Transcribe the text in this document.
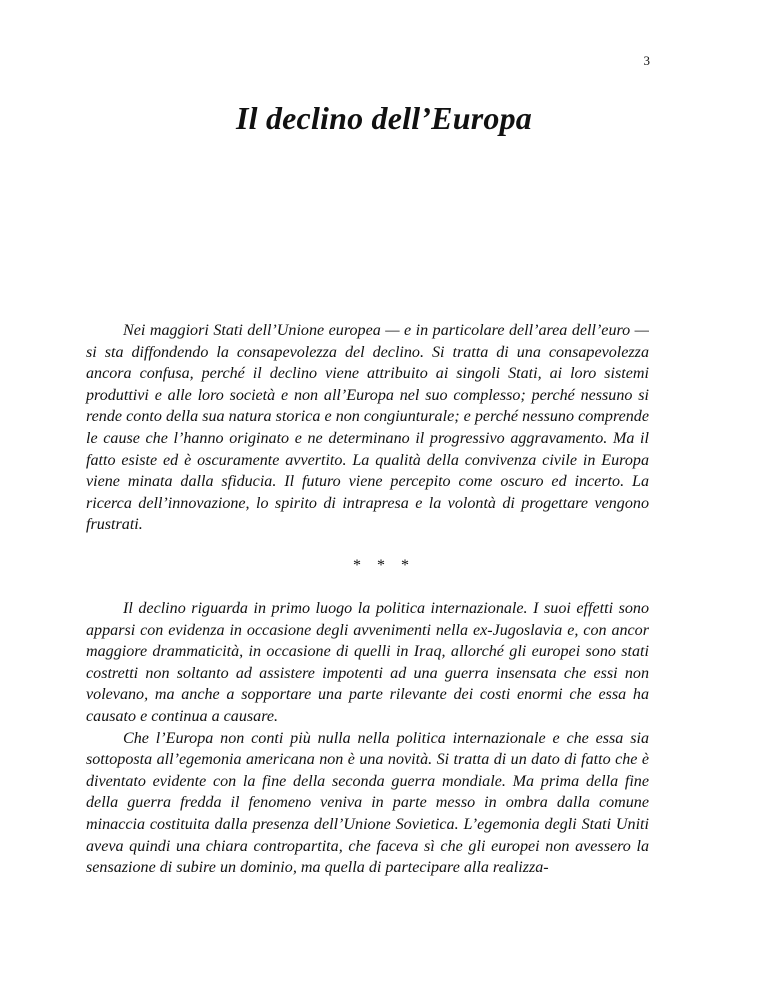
3
Il declino dell’Europa

Nei maggiori Stati dell’Unione europea — e in particolare dell’area dell’euro — si sta diffondendo la consapevolezza del declino. Si tratta di una consapevolezza ancora confusa, perché il declino viene attribuito ai singoli Stati, ai loro sistemi produttivi e alle loro società e non all’Europa nel suo complesso; perché nessuno si rende conto della sua natura storica e non congiunturale; e perché nessuno comprende le cause che l’hanno originato e ne determinano il progressivo aggravamento. Ma il fatto esiste ed è oscuramente avvertito. La qualità della convivenza civile in Europa viene minata dalla sfiducia. Il futuro viene percepito come oscuro ed incerto. La ricerca dell’innovazione, lo spirito di intrapresa e la volontà di progettare vengono frustrati.

* * *

Il declino riguarda in primo luogo la politica internazionale. I suoi effetti sono apparsi con evidenza in occasione degli avvenimenti nella ex-Jugoslavia e, con ancor maggiore drammaticità, in occasione di quelli in Iraq, allorché gli europei sono stati costretti non soltanto ad assistere impotenti ad una guerra insensata che essi non volevano, ma anche a sopportare una parte rilevante dei costi enormi che essa ha causato e continua a causare.

Che l’Europa non conti più nulla nella politica internazionale e che essa sia sottoposta all’egemonia americana non è una novità. Si tratta di un dato di fatto che è diventato evidente con la fine della seconda guerra mondiale. Ma prima della fine della guerra fredda il fenomeno veniva in parte messo in ombra dalla comune minaccia costituita dalla presenza dell’Unione Sovietica. L’egemonia degli Stati Uniti aveva quindi una chiara contropartita, che faceva sì che gli europei non avessero la sensazione di subire un dominio, ma quella di partecipare alla realizza-
